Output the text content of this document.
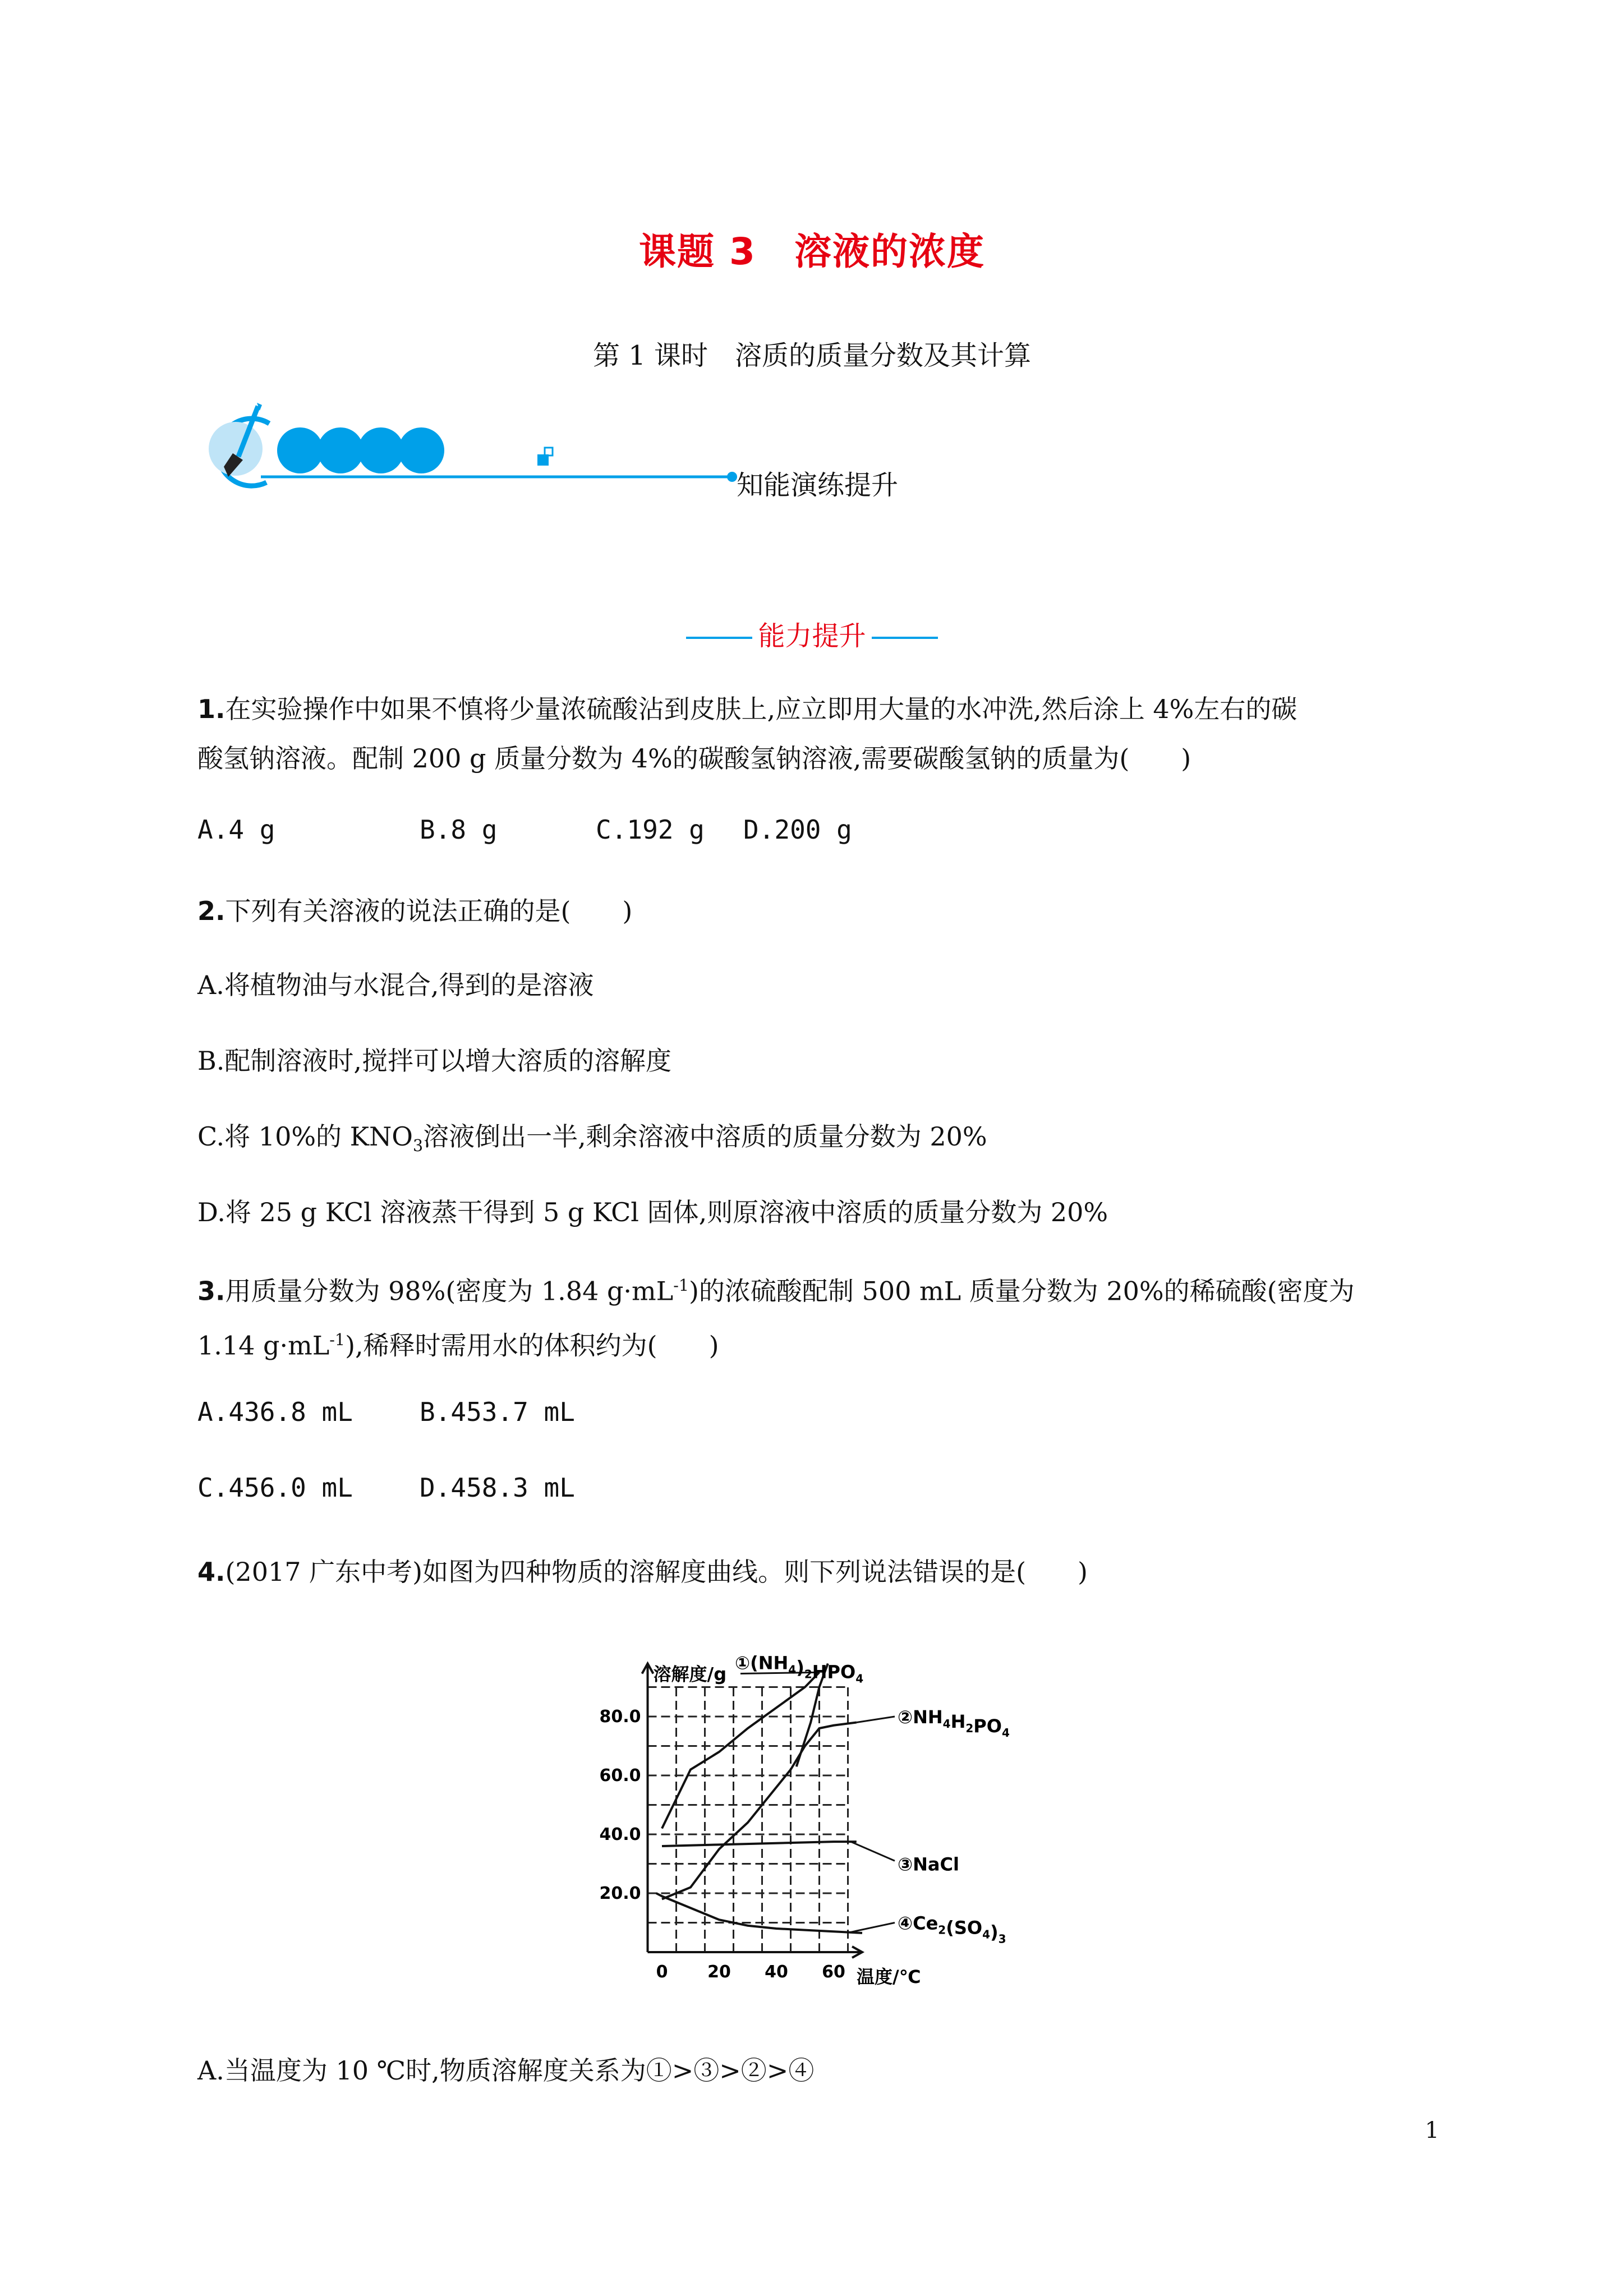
课题 3　溶液的浓度
第 1 课时　溶质的质量分数及其计算
知能演练提升
能力提升
1.在实验操作中如果不慎将少量浓硫酸沾到皮肤上,应立即用大量的水冲洗,然后涂上 4%左右的碳
酸氢钠溶液。配制 200 g 质量分数为 4%的碳酸氢钠溶液,需要碳酸氢钠的质量为(　　)
A.4 g	B.8 g	C.192 g D.200 g
2.下列有关溶液的说法正确的是(　　)
A.将植物油与水混合,得到的是溶液
B.配制溶液时,搅拌可以增大溶质的溶解度
C.将 10%的 $KNO_3$溶液倒出一半,剩余溶液中溶质的质量分数为 20%
D.将 25 g KCl 溶液蒸干得到 5 g KCl 固体,则原溶液中溶质的质量分数为 20%
3.用质量分数为 98%(密度为 1.84 $g\cdot mL^{-1}$)的浓硫酸配制 500 mL 质量分数为 20%的稀硫酸(密度为
1.14 $g\cdot mL^{-1}$),稀释时需用水的体积约为(　　)
A.436.8 mL	B.453.7 mL
C.456.0 mL	D.458.3 mL
4.(2017 广东中考)如图为四种物质的溶解度曲线。则下列说法错误的是(　　)
0 20 40 60
20.0
40.0
60.0
80.0
溶解度/g
温度/℃
$①(NH_4)_2HPO_4$
$②NH_4H_2PO_4$
③NaCl
$④Ce_2(SO_4)_3$
A.当温度为 10 ℃时,物质溶解度关系为①>③>②>④
1
